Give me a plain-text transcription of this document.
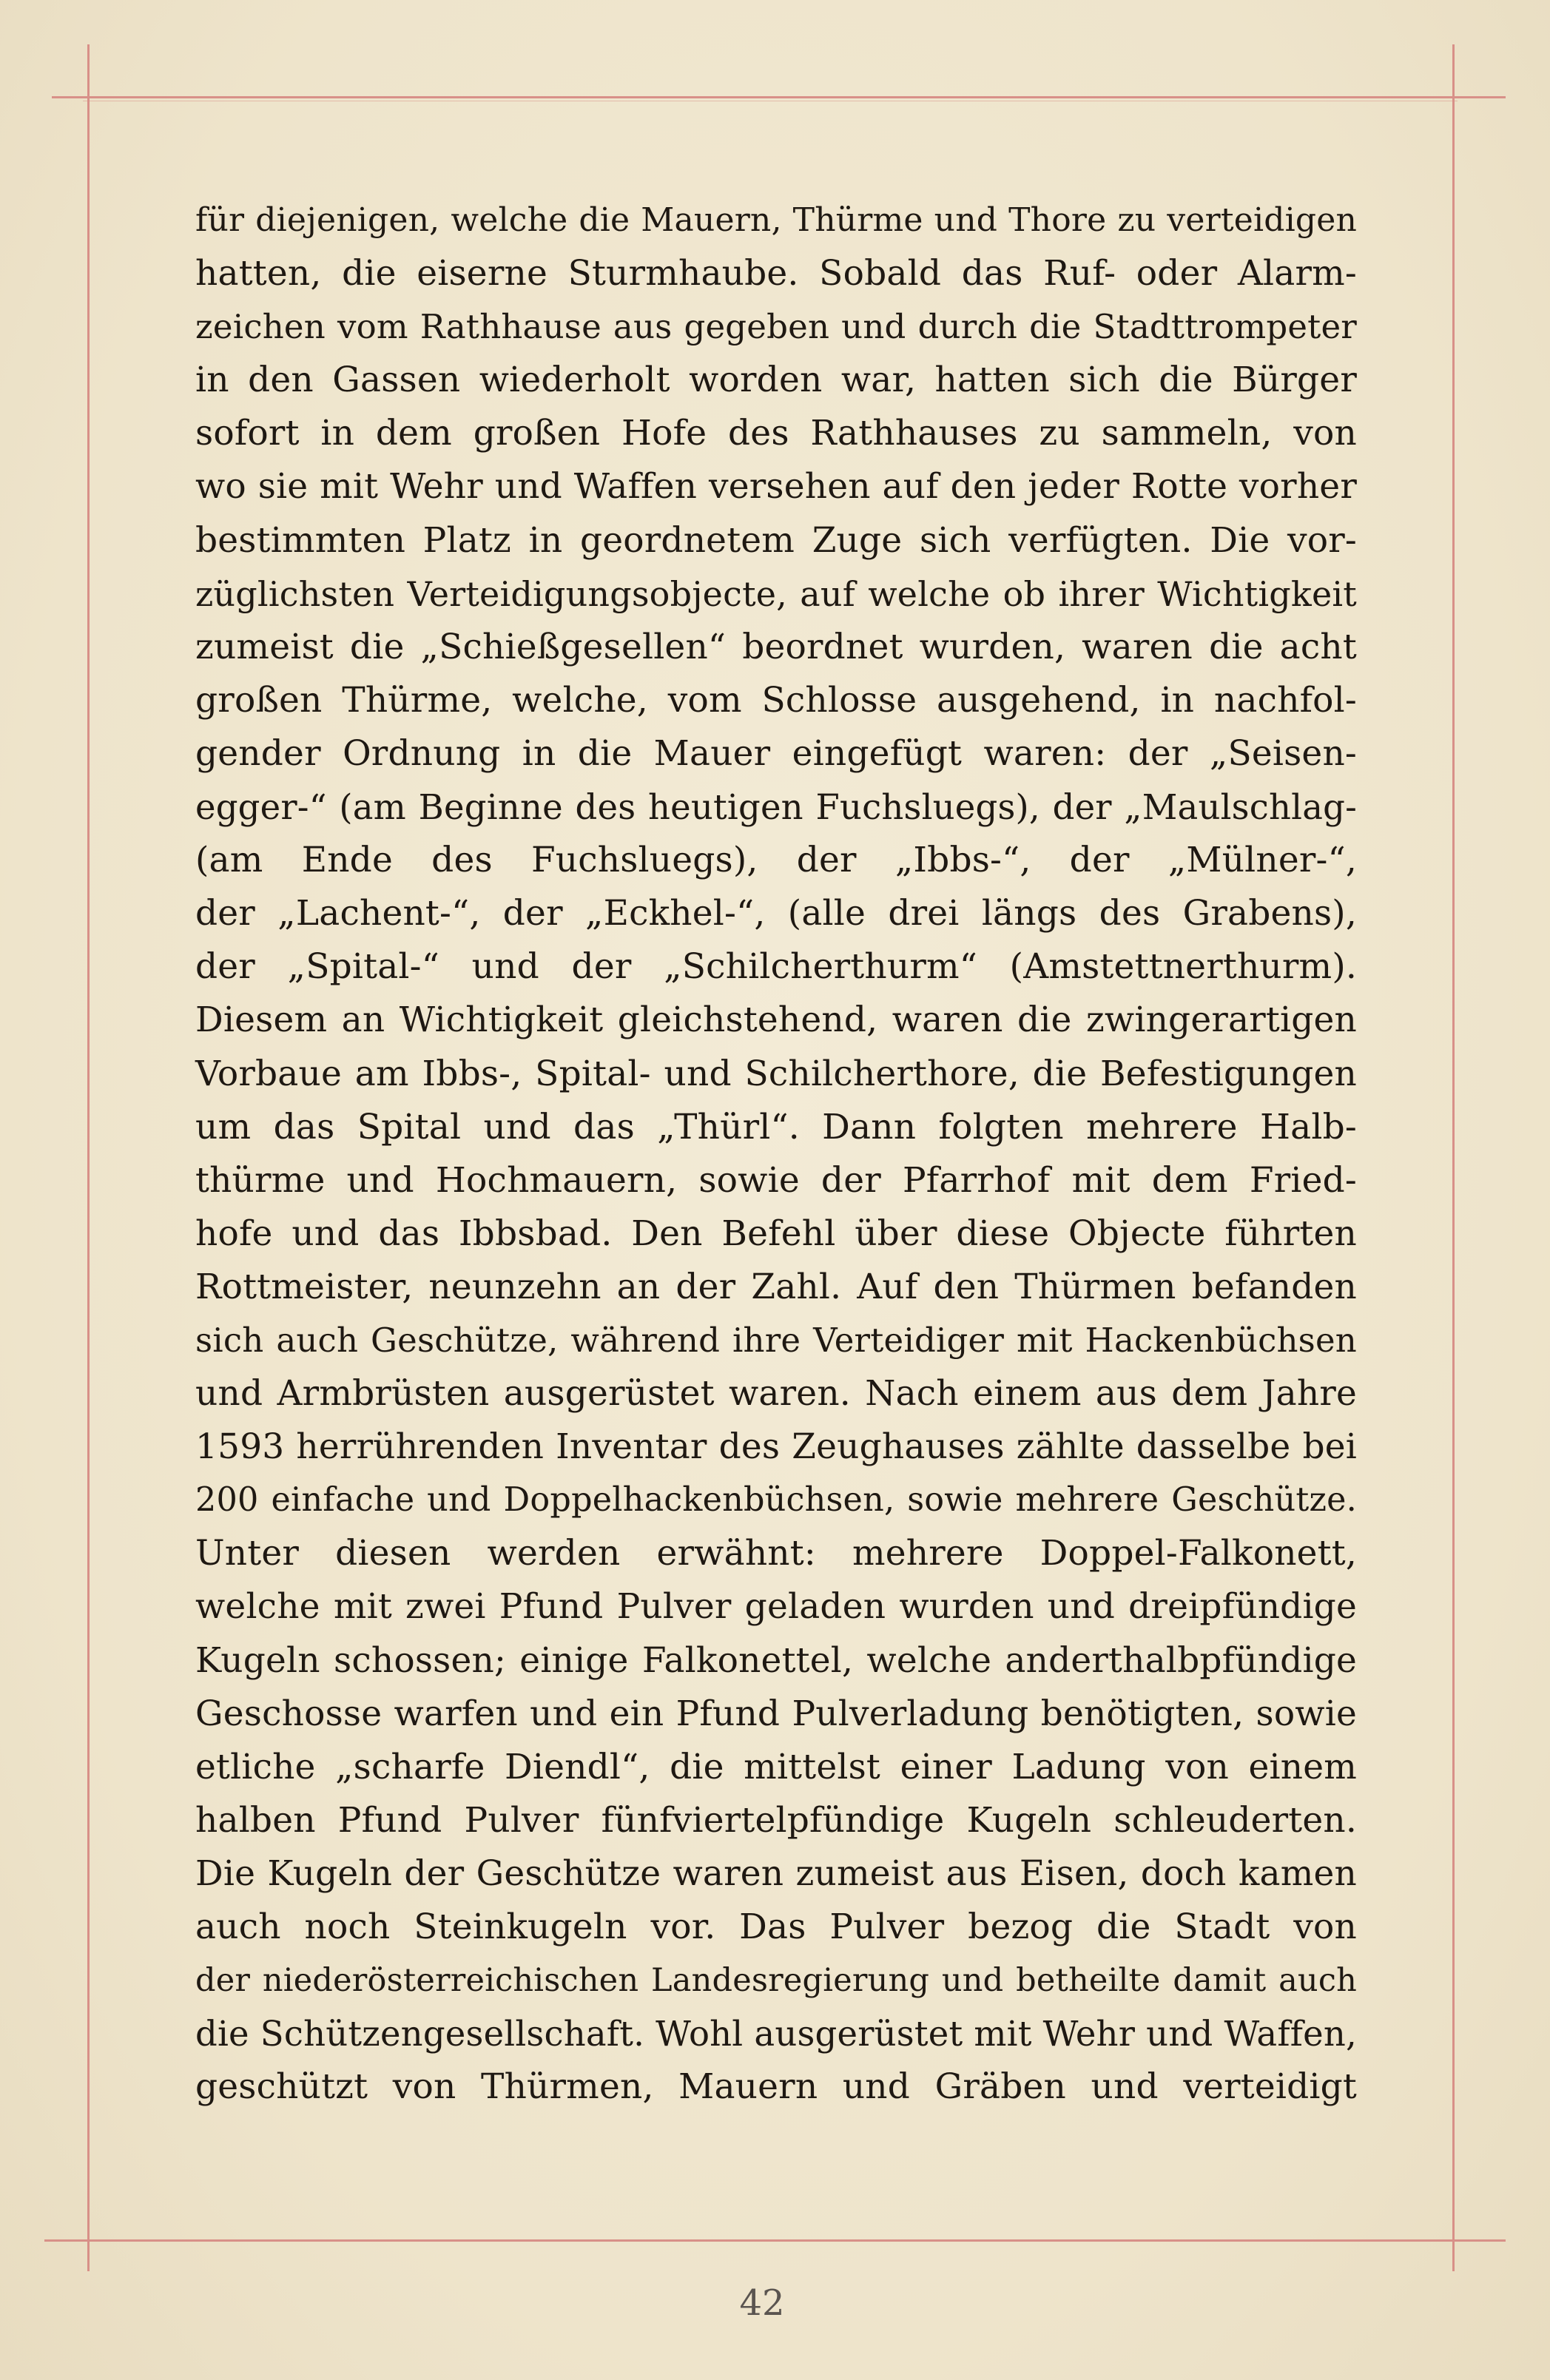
für diejenigen, welche die Mauern, Thürme und Thore zu verteidigen
hatten, die eiserne Sturmhaube. Sobald das Ruf- oder Alarm-
zeichen vom Rathhause aus gegeben und durch die Stadttrompeter
in den Gassen wiederholt worden war, hatten sich die Bürger
sofort in dem großen Hofe des Rathhauses zu sammeln, von
wo sie mit Wehr und Waffen versehen auf den jeder Rotte vorher
bestimmten Platz in geordnetem Zuge sich verfügten. Die vor-
züglichsten Verteidigungsobjecte, auf welche ob ihrer Wichtigkeit
zumeist die „Schießgesellen“ beordnet wurden, waren die acht
großen Thürme, welche, vom Schlosse ausgehend, in nachfol-
gender Ordnung in die Mauer eingefügt waren: der „Seisen-
egger-“ (am Beginne des heutigen Fuchsluegs), der „Maulschlag-
(am Ende des Fuchsluegs), der „Ibbs-“, der „Mülner-“,
der „Lachent-“, der „Eckhel-“, (alle drei längs des Grabens),
der „Spital-“ und der „Schilcherthurm“ (Amstettnerthurm).
Diesem an Wichtigkeit gleichstehend, waren die zwingerartigen
Vorbaue am Ibbs-, Spital- und Schilcherthore, die Befestigungen
um das Spital und das „Thürl“. Dann folgten mehrere Halb-
thürme und Hochmauern, sowie der Pfarrhof mit dem Fried-
hofe und das Ibbsbad. Den Befehl über diese Objecte führten
Rottmeister, neunzehn an der Zahl. Auf den Thürmen befanden
sich auch Geschütze, während ihre Verteidiger mit Hackenbüchsen
und Armbrüsten ausgerüstet waren. Nach einem aus dem Jahre
1593 herrührenden Inventar des Zeughauses zählte dasselbe bei
200 einfache und Doppelhackenbüchsen, sowie mehrere Geschütze.
Unter diesen werden erwähnt: mehrere Doppel-Falkonett,
welche mit zwei Pfund Pulver geladen wurden und dreipfündige
Kugeln schossen; einige Falkonettel, welche anderthalbpfündige
Geschosse warfen und ein Pfund Pulverladung benötigten, sowie
etliche „scharfe Diendl“, die mittelst einer Ladung von einem
halben Pfund Pulver fünfviertelpfündige Kugeln schleuderten.
Die Kugeln der Geschütze waren zumeist aus Eisen, doch kamen
auch noch Steinkugeln vor. Das Pulver bezog die Stadt von
der niederösterreichischen Landesregierung und betheilte damit auch
die Schützengesellschaft. Wohl ausgerüstet mit Wehr und Waffen,
geschützt von Thürmen, Mauern und Gräben und verteidigt
42
